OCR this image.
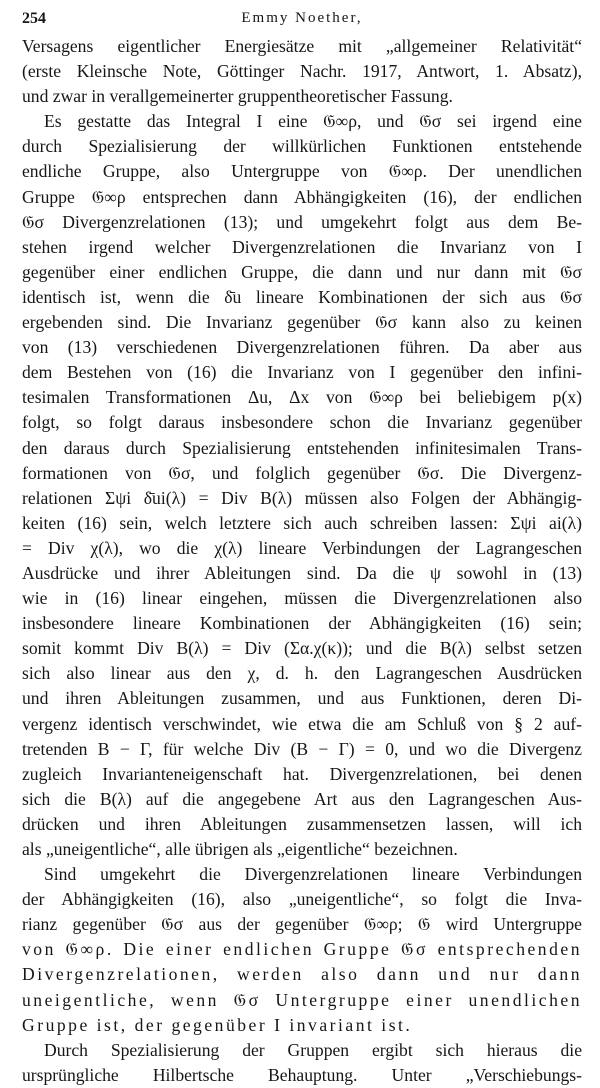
254	Emmy Noether,
Versagens eigentlicher Energiesätze mit „allgemeiner Relativität“
(erste Kleinsche Note, Göttinger Nachr. 1917, Antwort, 1. Absatz),
und zwar in verallgemeinerter gruppentheoretischer Fassung.
Es gestatte das Integral I eine 𝔊∞ρ, und 𝔊σ sei irgend eine
durch Spezialisierung der willkürlichen Funktionen entstehende
endliche Gruppe, also Untergruppe von 𝔊∞ρ. Der unendlichen
Gruppe 𝔊∞ρ entsprechen dann Abhängigkeiten (16), der endlichen
𝔊σ Divergenzrelationen (13); und umgekehrt folgt aus dem Be-
stehen irgend welcher Divergenzrelationen die Invarianz von I
gegenüber einer endlichen Gruppe, die dann und nur dann mit 𝔊σ
identisch ist, wenn die δ̄u lineare Kombinationen der sich aus 𝔊σ
ergebenden sind. Die Invarianz gegenüber 𝔊σ kann also zu keinen
von (13) verschiedenen Divergenzrelationen führen. Da aber aus
dem Bestehen von (16) die Invarianz von I gegenüber den infini-
tesimalen Transformationen Δu, Δx von 𝔊∞ρ bei beliebigem p(x)
folgt, so folgt daraus insbesondere schon die Invarianz gegenüber
den daraus durch Spezialisierung entstehenden infinitesimalen Trans-
formationen von 𝔊σ, und folglich gegenüber 𝔊σ. Die Divergenz-
relationen Σψi δ̄ui(λ) = Div B(λ) müssen also Folgen der Abhängig-
keiten (16) sein, welch letztere sich auch schreiben lassen: Σψi ai(λ)
= Div χ(λ), wo die χ(λ) lineare Verbindungen der Lagrangeschen
Ausdrücke und ihrer Ableitungen sind. Da die ψ sowohl in (13)
wie in (16) linear eingehen, müssen die Divergenzrelationen also
insbesondere lineare Kombinationen der Abhängigkeiten (16) sein;
somit kommt Div B(λ) = Div (Σα.χ(κ)); und die B(λ) selbst setzen
sich also linear aus den χ, d. h. den Lagrangeschen Ausdrücken
und ihren Ableitungen zusammen, und aus Funktionen, deren Di-
vergenz identisch verschwindet, wie etwa die am Schluß von § 2 auf-
tretenden B − Γ, für welche Div (B − Γ) = 0, und wo die Divergenz
zugleich Invarianteneigenschaft hat. Divergenzrelationen, bei denen
sich die B(λ) auf die angegebene Art aus den Lagrangeschen Aus-
drücken und ihren Ableitungen zusammensetzen lassen, will ich
als „uneigentliche“, alle übrigen als „eigentliche“ bezeichnen.
Sind umgekehrt die Divergenzrelationen lineare Verbindungen
der Abhängigkeiten (16), also „uneigentliche“, so folgt die Inva-
rianz gegenüber 𝔊σ aus der gegenüber 𝔊∞ρ; 𝔊 wird Untergruppe
von 𝔊∞ρ. Die einer endlichen Gruppe 𝔊σ entsprechenden
Divergenzrelationen, werden also dann und nur dann
uneigentliche, wenn 𝔊σ Untergruppe einer unendlichen
Gruppe ist, der gegenüber I invariant ist.
Durch Spezialisierung der Gruppen ergibt sich hieraus die
ursprüngliche Hilbertsche Behauptung. Unter „Verschiebungs-
